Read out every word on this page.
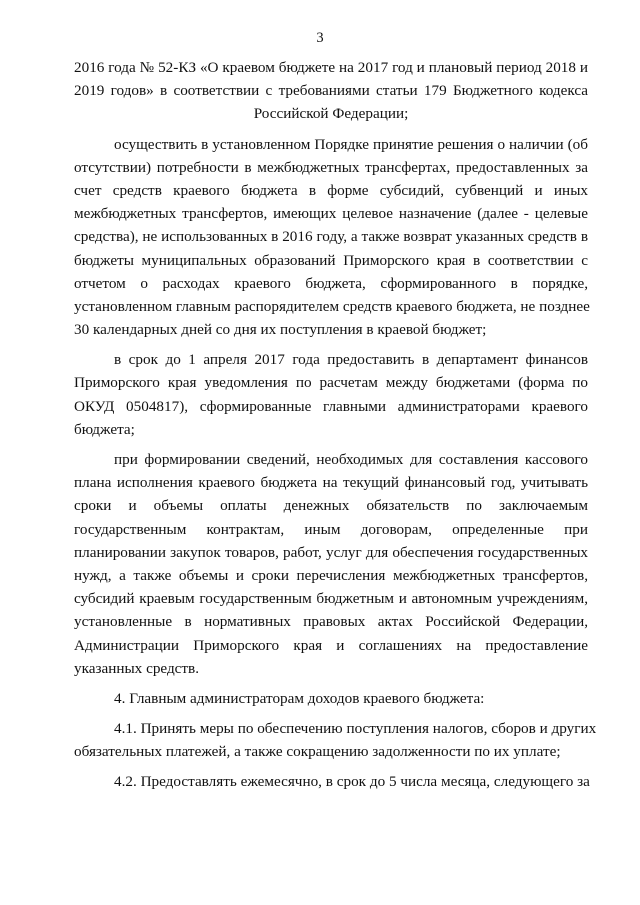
3
2016 года № 52-КЗ «О краевом бюджете на 2017 год и плановый период 2018 и
2019 годов» в соответствии с требованиями статьи 179 Бюджетного кодекса
Российской Федерации;
осуществить в установленном Порядке принятие решения о наличии (об
отсутствии) потребности в межбюджетных трансфертах, предоставленных за
счет средств краевого бюджета в форме субсидий, субвенций и иных
межбюджетных трансфертов, имеющих целевое назначение (далее - целевые
средства), не использованных в 2016 году, а также возврат указанных средств в
бюджеты муниципальных образований Приморского края в соответствии с
отчетом о расходах краевого бюджета, сформированного в порядке,
установленном главным распорядителем средств краевого бюджета, не позднее
30 календарных дней со дня их поступления в краевой бюджет;
в срок до 1 апреля 2017 года предоставить в департамент финансов
Приморского края уведомления по расчетам между бюджетами (форма по
ОКУД 0504817), сформированные главными администраторами краевого
бюджета;
при формировании сведений, необходимых для составления кассового
плана исполнения краевого бюджета на текущий финансовый год, учитывать
сроки и объемы оплаты денежных обязательств по заключаемым
государственным контрактам, иным договорам, определенные при
планировании закупок товаров, работ, услуг для обеспечения государственных
нужд, а также объемы и сроки перечисления межбюджетных трансфертов,
субсидий краевым государственным бюджетным и автономным учреждениям,
установленные в нормативных правовых актах Российской Федерации,
Администрации Приморского края и соглашениях на предоставление
указанных средств.
4. Главным администраторам доходов краевого бюджета:
4.1. Принять меры по обеспечению поступления налогов, сборов и других
обязательных платежей, а также сокращению задолженности по их уплате;
4.2. Предоставлять ежемесячно, в срок до 5 числа месяца, следующего за
